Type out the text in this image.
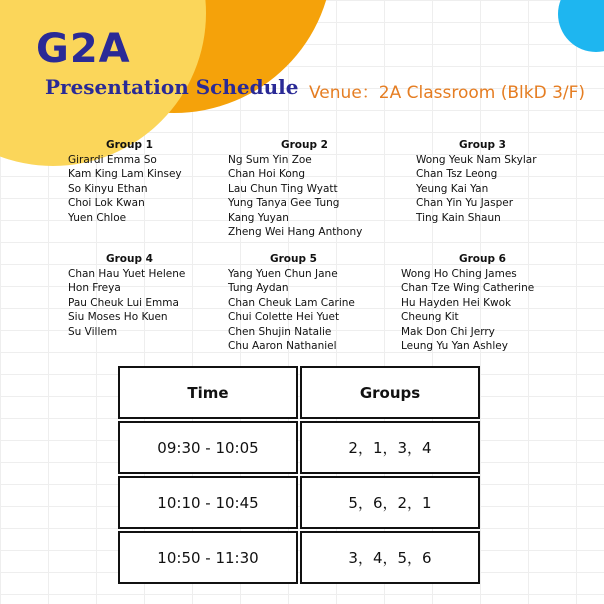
G2A
Presentation Schedule Venue：2A Classroom (BlkD 3/F)
Group 1
Girardi Emma So
Kam King Lam Kinsey
So Kinyu Ethan
Choi Lok Kwan
Yuen Chloe
Group 2
Ng Sum Yin Zoe
Chan Hoi Kong
Lau Chun Ting Wyatt
Yung Tanya Gee Tung
Kang Yuyan
Zheng Wei Hang Anthony
Group 3
Wong Yeuk Nam Skylar
Chan Tsz Leong
Yeung Kai Yan
Chan Yin Yu Jasper
Ting Kain Shaun
Group 4
Chan Hau Yuet Helene
Hon Freya
Pau Cheuk Lui Emma
Siu Moses Ho Kuen
Su Villem
Group 5
Yang Yuen Chun Jane
Tung Aydan
Chan Cheuk Lam Carine
Chui Colette Hei Yuet
Chen Shujin Natalie
Chu Aaron Nathaniel
Group 6
Wong Ho Ching James
Chan Tze Wing Catherine
Hu Hayden Hei Kwok
Cheung Kit
Mak Don Chi Jerry
Leung Yu Yan Ashley
Time	Groups
09:30 - 10:05	2，1，3，4
10:10 - 10:45	5，6，2，1
10:50 - 11:30	3，4，5，6
